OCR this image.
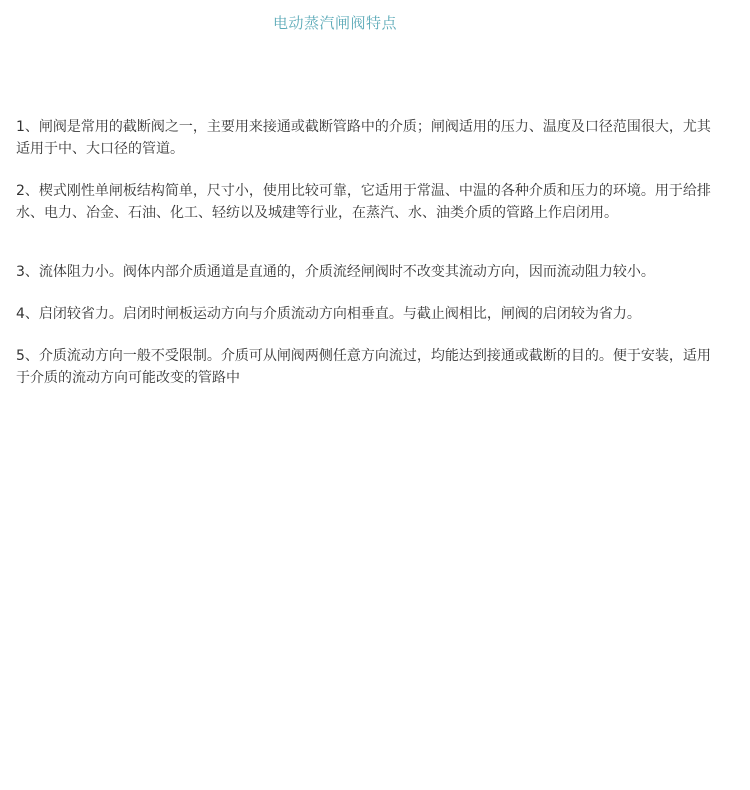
电动蒸汽闸阀特点

1、闸阀是常用的截断阀之一，主要用来接通或截断管路中的介质；闸阀适用的压力、温度及口径范围很大，尤其适用于中、大口径的管道。

2、楔式刚性单闸板结构简单，尺寸小，使用比较可靠，它适用于常温、中温的各种介质和压力的环境。用于给排水、电力、冶金、石油、化工、轻纺以及城建等行业，在蒸汽、水、油类介质的管路上作启闭用。

3、流体阻力小。阀体内部介质通道是直通的，介质流经闸阀时不改变其流动方向，因而流动阻力较小。

4、启闭较省力。启闭时闸板运动方向与介质流动方向相垂直。与截止阀相比，闸阀的启闭较为省力。

5、介质流动方向一般不受限制。介质可从闸阀两侧任意方向流过，均能达到接通或截断的目的。便于安装，适用于介质的流动方向可能改变的管路中
